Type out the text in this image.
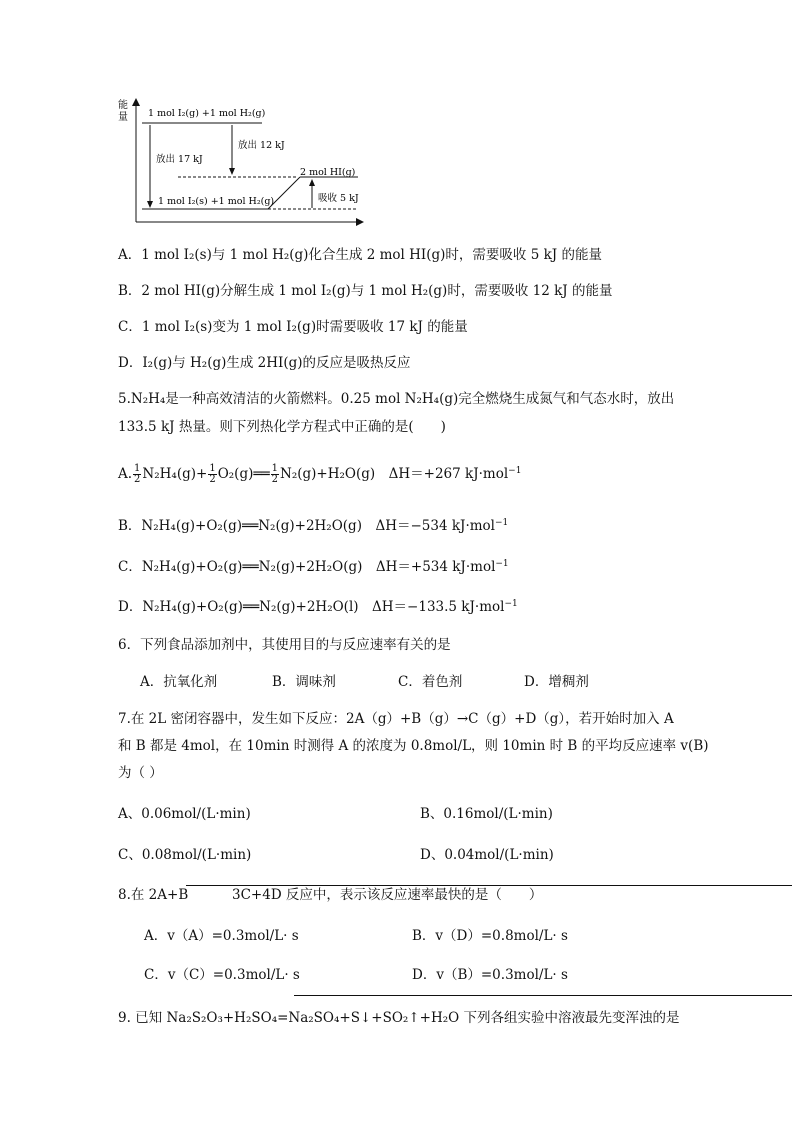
能
量 1 mol I₂(g) +1 mol H₂(g)
放出 12 kJ
放出 17 kJ
2 mol HI(g)
吸收 5 kJ
1 mol I₂(s) +1 mol H₂(g)
A．1 mol I₂(s)与 1 mol H₂(g)化合生成 2 mol HI(g)时，需要吸收 5 kJ 的能量
B．2 mol HI(g)分解生成 1 mol I₂(g)与 1 mol H₂(g)时，需要吸收 12 kJ 的能量
C．1 mol I₂(s)变为 1 mol I₂(g)时需要吸收 17 kJ 的能量
D．I₂(g)与 H₂(g)生成 2HI(g)的反应是吸热反应
5.N₂H₄是一种高效清洁的火箭燃料。0.25 mol N₂H₄(g)完全燃烧生成氮气和气态水时，放出
133.5 kJ 热量。则下列热化学方程式中正确的是(　　)
A. $\frac{1}{2} N_2H_4(g)+ \frac{1}{2}$ O₂(g)══ $\frac{1}{2} N_2(g)+H_2O(g)$　ΔH＝+267 kJ·mol$^{-1}$
B．N₂H₄(g)+O₂(g)══N₂(g)+2H₂O(g)　ΔH＝−534 kJ·mol$^{-1}$
C．N₂H₄(g)+O₂(g)══N₂(g)+2H₂O(g)　ΔH＝+534 kJ·mol$^{-1}$
D．N₂H₄(g)+O₂(g)══N₂(g)+2H₂O(l)　ΔH＝−133.5 kJ·mol$^{-1}$
6．下列食品添加剂中，其使用目的与反应速率有关的是
A．抗氧化剂	B．调味剂	C．着色剂	D．增稠剂
7.在 2L 密闭容器中，发生如下反应：2A（g）+B（g）→C（g）+D（g），若开始时加入 A
和 B 都是 4mol，在 10min 时测得 A 的浓度为 0.8mol/L，则 10min 时 B 的平均反应速率 v(B)
为（ ）
A、0.06mol/(L·min)	B、0.16mol/(L·min)
C、0.08mol/(L·min)	D、0.04mol/(L·min)
8.在 2A+B	3C+4D 反应中，表示该反应速率最快的是（　　）
A．v（A）=0.3mol/L· s	B．v（D）=0.8mol/L· s
C．v（C）=0.3mol/L· s	D．v（B）=0.3mol/L· s
9. 已知 Na₂S₂O₃+H₂SO₄=Na₂SO₄+S↓+SO₂↑+H₂O 下列各组实验中溶液最先变浑浊的是
